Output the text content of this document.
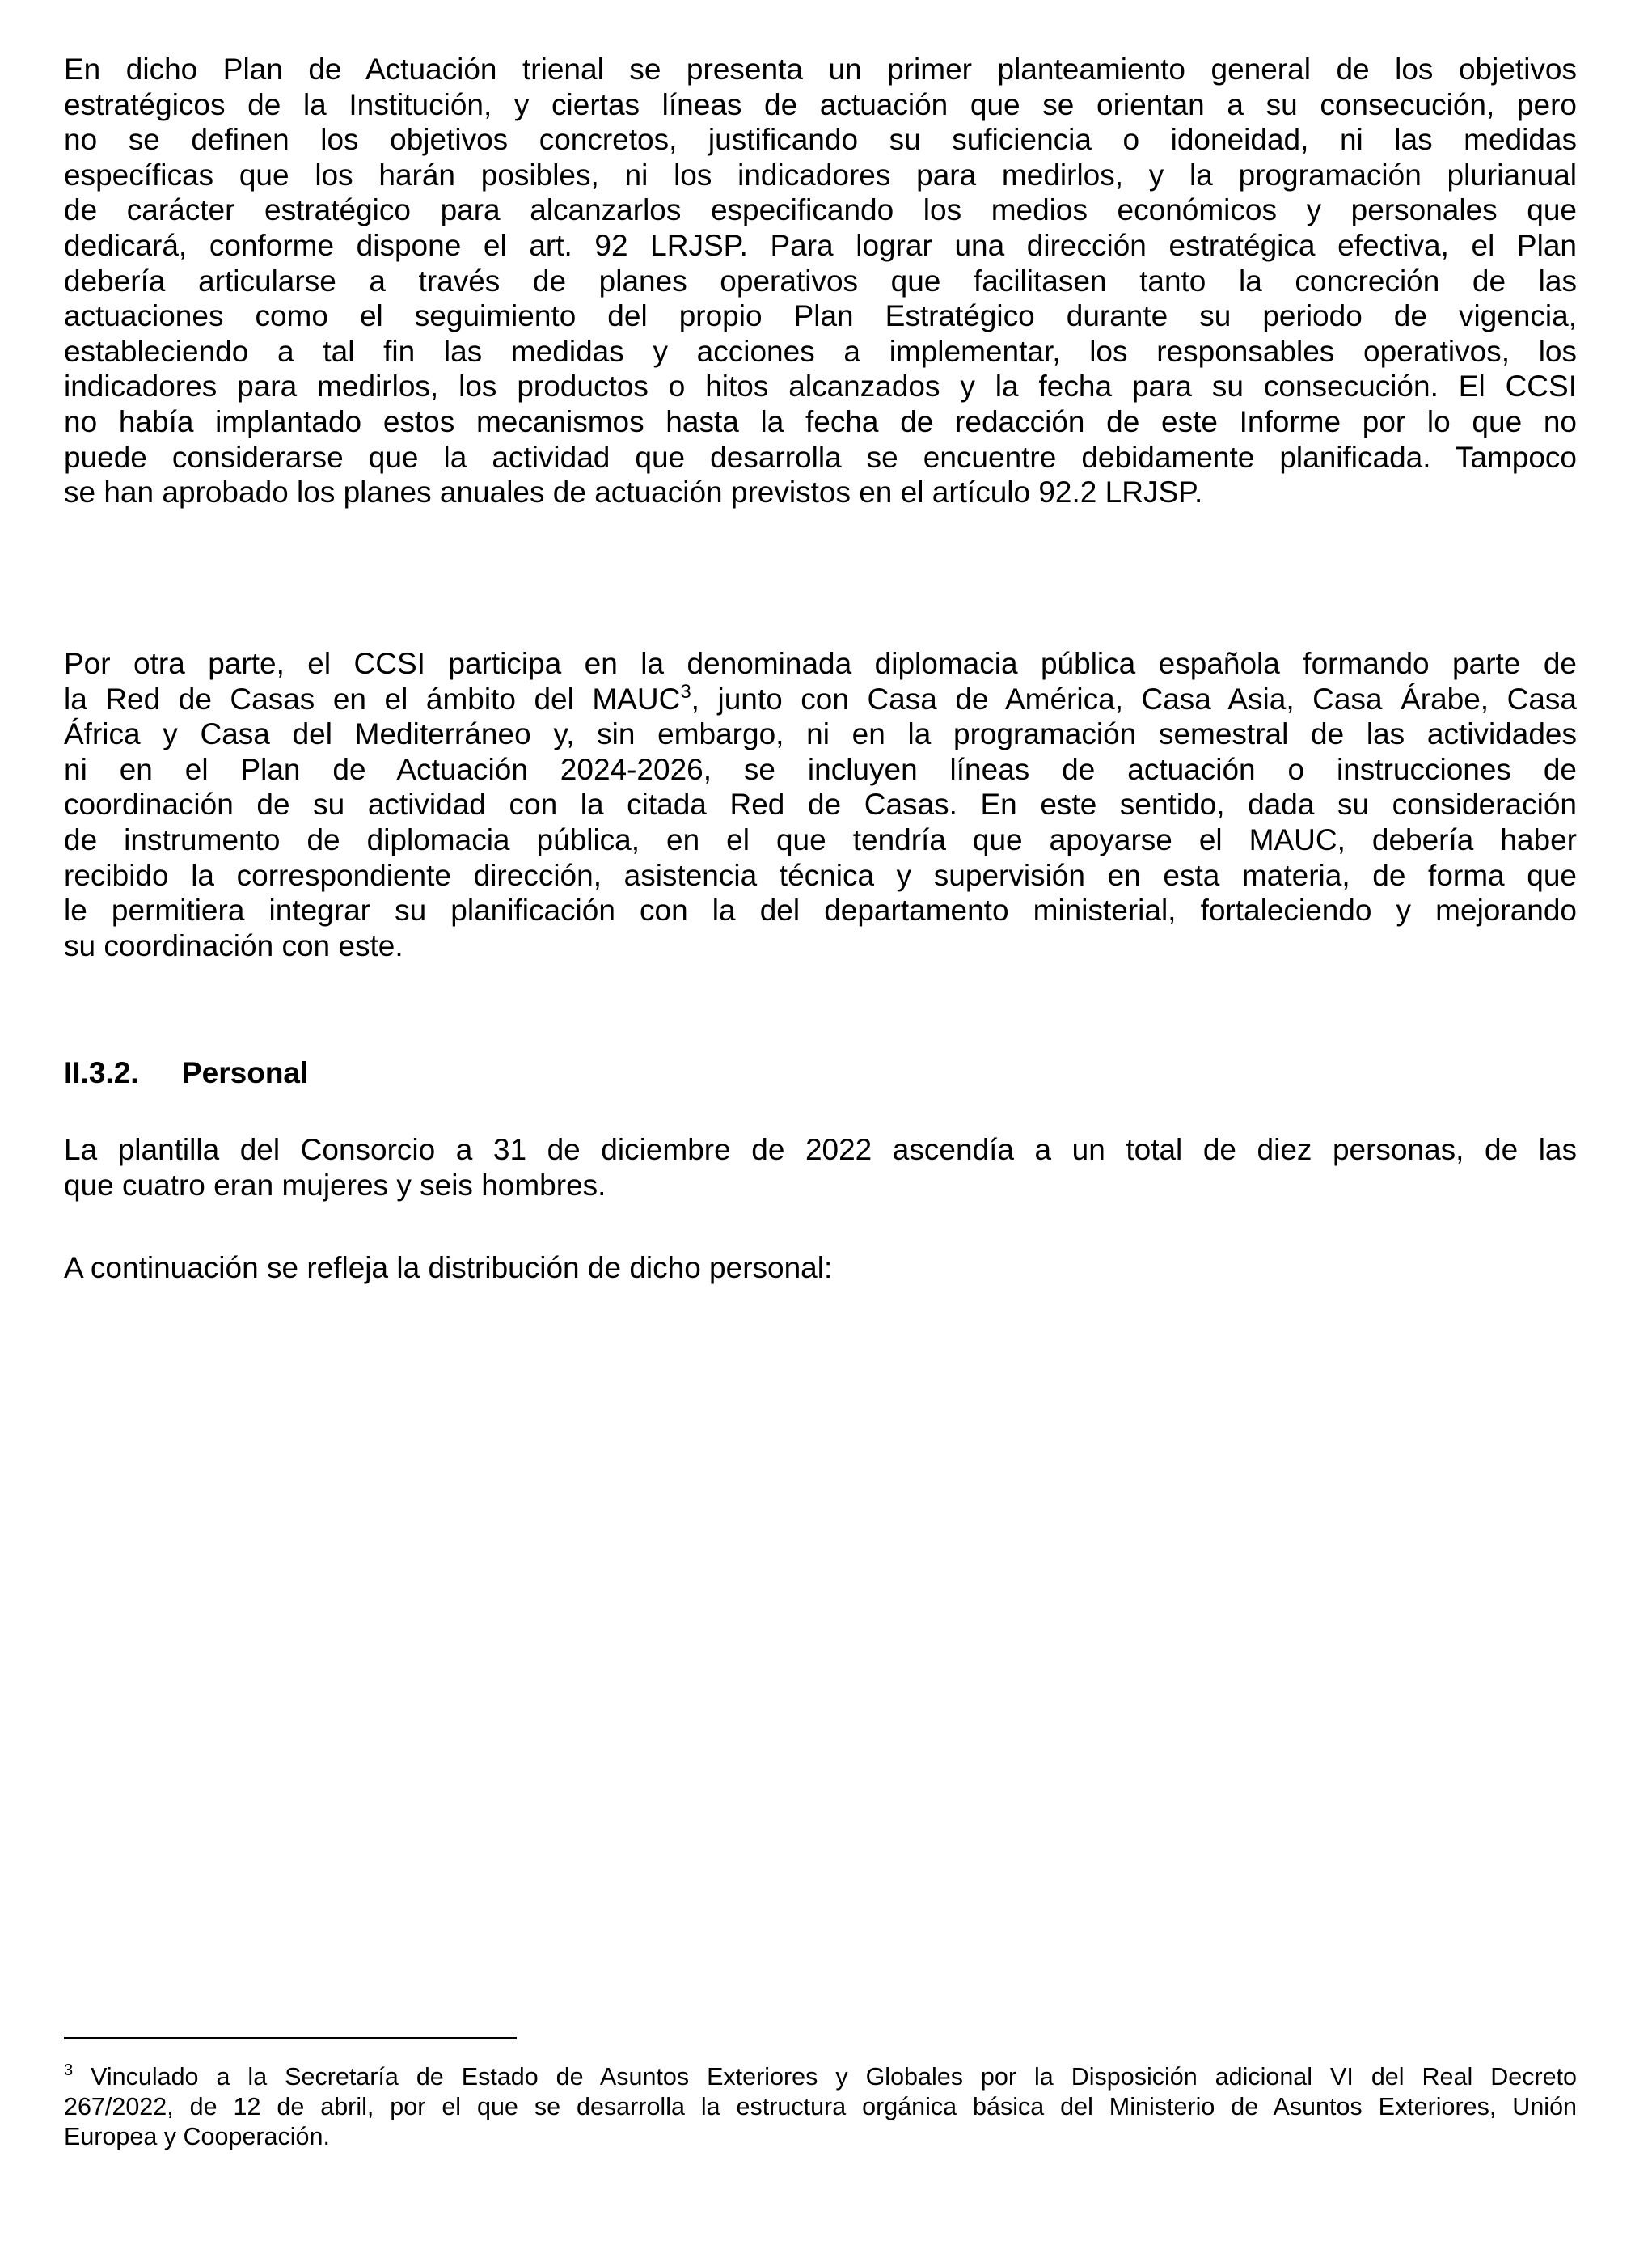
En dicho Plan de Actuación trienal se presenta un primer planteamiento general de los objetivos
estratégicos de la Institución, y ciertas líneas de actuación que se orientan a su consecución, pero
no se definen los objetivos concretos, justificando su suficiencia o idoneidad, ni las medidas
específicas que los harán posibles, ni los indicadores para medirlos, y la programación plurianual
de carácter estratégico para alcanzarlos especificando los medios económicos y personales que
dedicará, conforme dispone el art. 92 LRJSP. Para lograr una dirección estratégica efectiva, el Plan
debería articularse a través de planes operativos que facilitasen tanto la concreción de las
actuaciones como el seguimiento del propio Plan Estratégico durante su periodo de vigencia,
estableciendo a tal fin las medidas y acciones a implementar, los responsables operativos, los
indicadores para medirlos, los productos o hitos alcanzados y la fecha para su consecución. El CCSI
no había implantado estos mecanismos hasta la fecha de redacción de este Informe por lo que no
puede considerarse que la actividad que desarrolla se encuentre debidamente planificada. Tampoco
se han aprobado los planes anuales de actuación previstos en el artículo 92.2 LRJSP.
Por otra parte, el CCSI participa en la denominada diplomacia pública española formando parte de
la Red de Casas en el ámbito del MAUC$^3$, junto con Casa de América, Casa Asia, Casa Árabe, Casa
África y Casa del Mediterráneo y, sin embargo, ni en la programación semestral de las actividades
ni en el Plan de Actuación 2024-2026, se incluyen líneas de actuación o instrucciones de
coordinación de su actividad con la citada Red de Casas. En este sentido, dada su consideración
de instrumento de diplomacia pública, en el que tendría que apoyarse el MAUC, debería haber
recibido la correspondiente dirección, asistencia técnica y supervisión en esta materia, de forma que
le permitiera integrar su planificación con la del departamento ministerial, fortaleciendo y mejorando
su coordinación con este.
II.3.2. Personal
La plantilla del Consorcio a 31 de diciembre de 2022 ascendía a un total de diez personas, de las
que cuatro eran mujeres y seis hombres.
A continuación se refleja la distribución de dicho personal:
$^3$ Vinculado a la Secretaría de Estado de Asuntos Exteriores y Globales por la Disposición adicional VI del Real Decreto
267/2022, de 12 de abril, por el que se desarrolla la estructura orgánica básica del Ministerio de Asuntos Exteriores, Unión
Europea y Cooperación.
